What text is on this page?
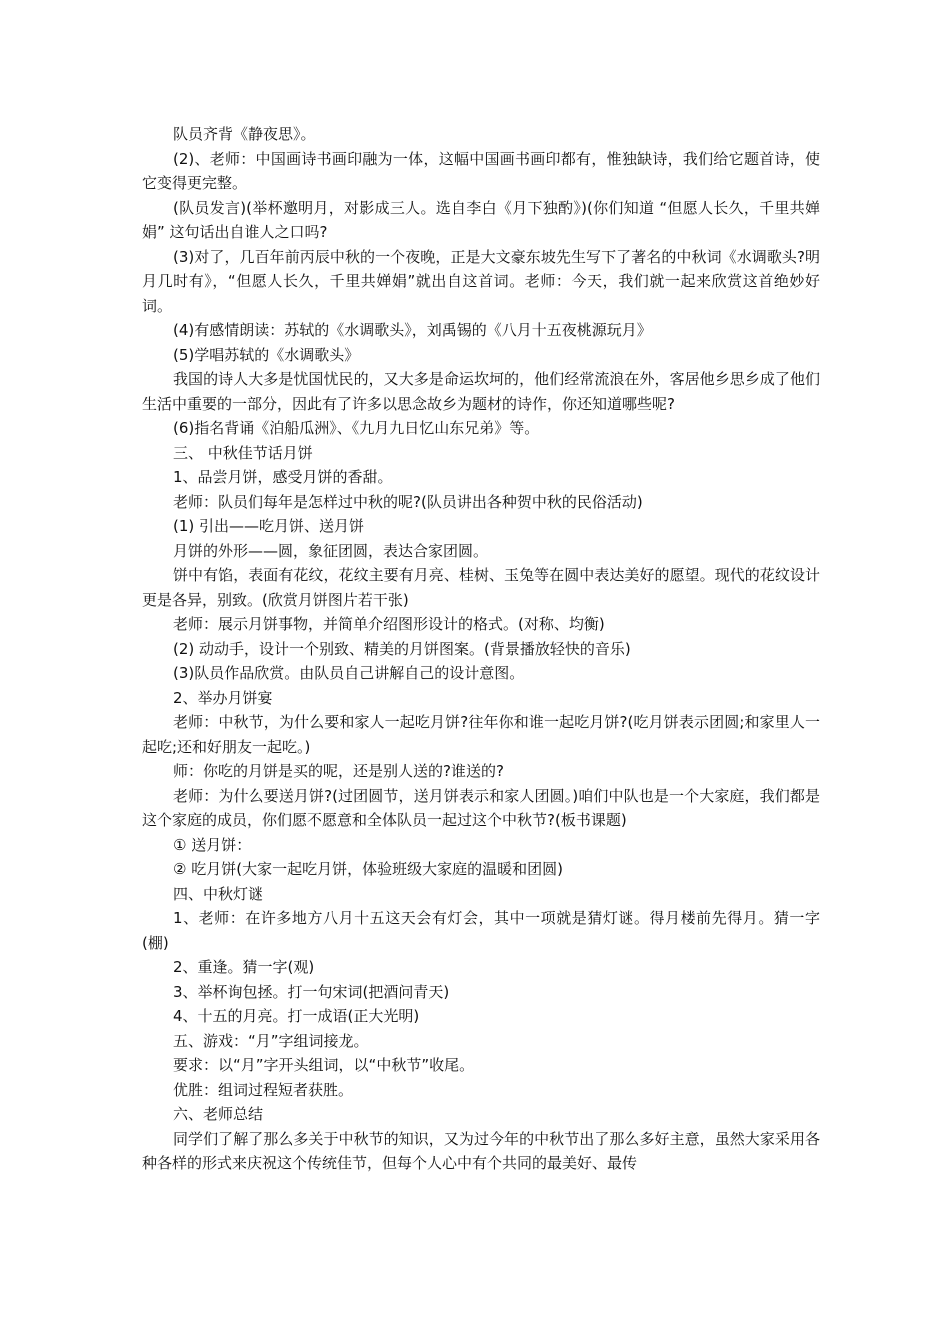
队员齐背《静夜思》。

(2)、老师：中国画诗书画印融为一体，这幅中国画书画印都有，惟独缺诗，我们给它题首诗，使它变得更完整。

(队员发言)(举杯邀明月，对影成三人。选自李白《月下独酌》)(你们知道 “但愿人长久，千里共婵娟” 这句话出自谁人之口吗?

(3)对了，几百年前丙辰中秋的一个夜晚，正是大文豪东坡先生写下了著名的中秋词《水调歌头?明月几时有》，“但愿人长久，千里共婵娟”就出自这首词。老师：今天，我们就一起来欣赏这首绝妙好词。

(4)有感情朗读：苏轼的《水调歌头》，刘禹锡的《八月十五夜桃源玩月》

(5)学唱苏轼的《水调歌头》

我国的诗人大多是忧国忧民的，又大多是命运坎坷的，他们经常流浪在外，客居他乡思乡成了他们生活中重要的一部分，因此有了许多以思念故乡为题材的诗作，你还知道哪些呢?

(6)指名背诵《泊船瓜洲》、《九月九日忆山东兄弟》等。

三、 中秋佳节话月饼

1、品尝月饼，感受月饼的香甜。

老师：队员们每年是怎样过中秋的呢?(队员讲出各种贺中秋的民俗活动)

(1) 引出——吃月饼、送月饼

月饼的外形——圆，象征团圆，表达合家团圆。

饼中有馅，表面有花纹，花纹主要有月亮、桂树、玉兔等在圆中表达美好的愿望。现代的花纹设计更是各异，别致。(欣赏月饼图片若干张)

老师：展示月饼事物，并简单介绍图形设计的格式。(对称、均衡)

(2) 动动手，设计一个别致、精美的月饼图案。(背景播放轻快的音乐)

(3)队员作品欣赏。由队员自己讲解自己的设计意图。

2、举办月饼宴

老师：中秋节，为什么要和家人一起吃月饼?往年你和谁一起吃月饼?(吃月饼表示团圆;和家里人一起吃;还和好朋友一起吃。)

师：你吃的月饼是买的呢，还是别人送的?谁送的?

老师：为什么要送月饼?(过团圆节，送月饼表示和家人团圆。)咱们中队也是一个大家庭，我们都是这个家庭的成员，你们愿不愿意和全体队员一起过这个中秋节?(板书课题)

① 送月饼：

② 吃月饼(大家一起吃月饼，体验班级大家庭的温暖和团圆)

四、中秋灯谜

1、老师：在许多地方八月十五这天会有灯会，其中一项就是猜灯谜。得月楼前先得月。猜一字(棚)

2、重逢。猜一字(观)

3、举杯询包拯。打一句宋词(把酒问青天)

4、十五的月亮。打一成语(正大光明)

五、游戏：“月”字组词接龙。

要求：以“月”字开头组词，以“中秋节”收尾。

优胜：组词过程短者获胜。

六、老师总结

同学们了解了那么多关于中秋节的知识，又为过今年的中秋节出了那么多好主意，虽然大家采用各种各样的形式来庆祝这个传统佳节，但每个人心中有个共同的最美好、最传
